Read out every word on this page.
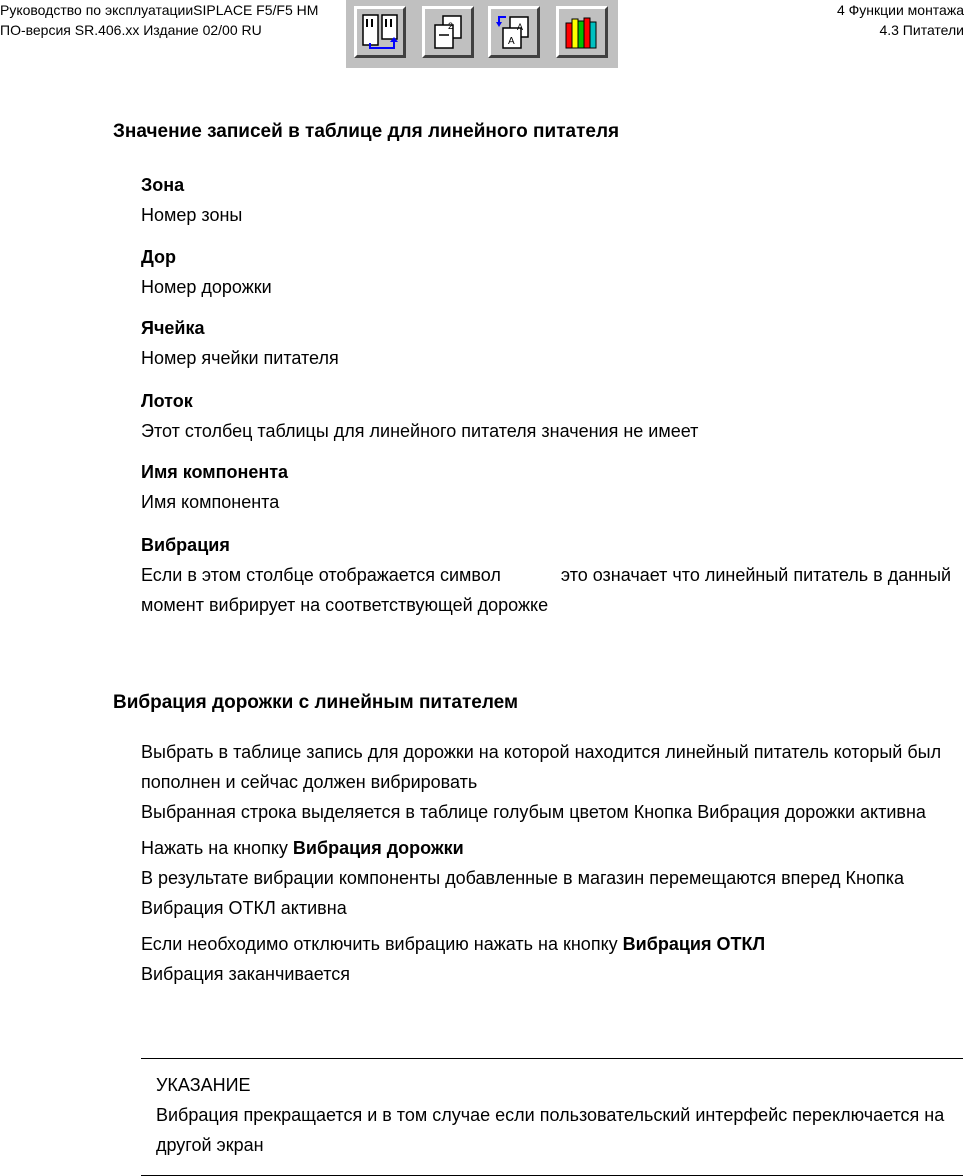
Руководство по эксплуатацииSIPLACE F5/F5 HM
ПО-версия SR.406.xx Издание 02/00 RU
4 Функции монтажа
4.3 Питатели
2	A
A
Значение записей в таблице для линейного питателя
Зона
Номер зоны
Дор
Номер дорожки
Ячейка
Номер ячейки питателя
Лоток
Этот столбец таблицы для линейного питателя значения не имеет
Имя компонента
Имя компонента
Вибрация
Если в этом столбце отображается символ            это означает что линейный питатель в данный момент вибрирует на соответствующей дорожке
Вибрация дорожки с линейным питателем

Выбрать в таблице запись для дорожки на которой находится линейный питатель который был пополнен и сейчас должен вибрировать
Выбранная строка выделяется в таблице голубым цветом Кнопка Вибрация дорожки активна

Нажать на кнопку Вибрация дорожки
В результате вибрации компоненты добавленные в магазин перемещаются вперед Кнопка Вибрация ОТКЛ активна

Если необходимо отключить вибрацию нажать на кнопку Вибрация ОТКЛ
Вибрация заканчивается

УКАЗАНИЕ
Вибрация прекращается и в том случае если пользовательский интерфейс переключается на другой экран
